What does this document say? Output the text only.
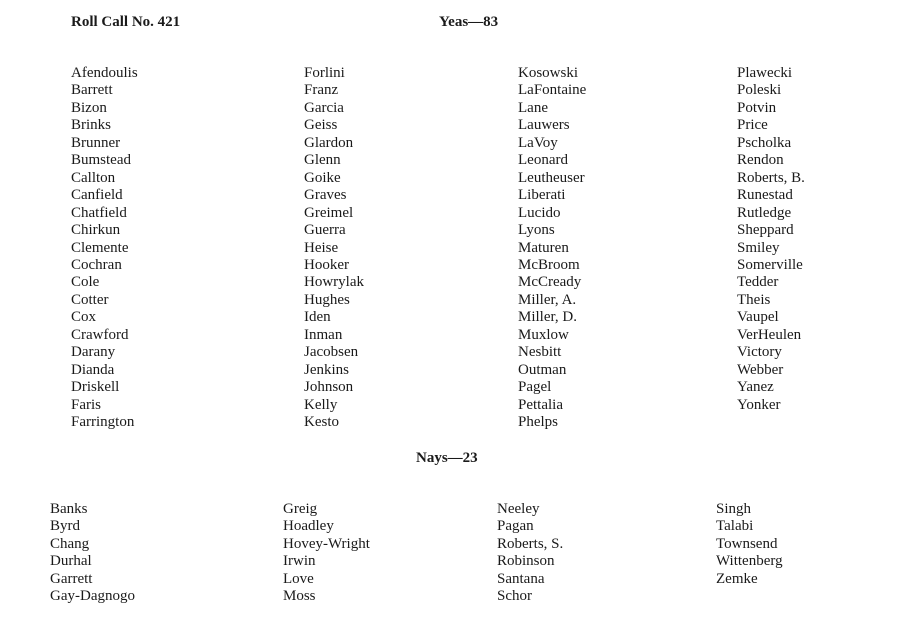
Roll Call No. 421	Yeas—83
Afendoulis
Barrett
Bizon
Brinks
Brunner
Bumstead
Callton
Canfield
Chatfield
Chirkun
Clemente
Cochran
Cole
Cotter
Cox
Crawford
Darany
Dianda
Driskell
Faris
Farrington
Forlini
Franz
Garcia
Geiss
Glardon
Glenn
Goike
Graves
Greimel
Guerra
Heise
Hooker
Howrylak
Hughes
Iden
Inman
Jacobsen
Jenkins
Johnson
Kelly
Kesto
Kosowski
LaFontaine
Lane
Lauwers
LaVoy
Leonard
Leutheuser
Liberati
Lucido
Lyons
Maturen
McBroom
McCready
Miller, A.
Miller, D.
Muxlow
Nesbitt
Outman
Pagel
Pettalia
Phelps
Plawecki
Poleski
Potvin
Price
Pscholka
Rendon
Roberts, B.
Runestad
Rutledge
Sheppard
Smiley
Somerville
Tedder
Theis
Vaupel
VerHeulen
Victory
Webber
Yanez
Yonker
Nays—23
Banks
Byrd
Chang
Durhal
Garrett
Gay-Dagnogo
Greig
Hoadley
Hovey-Wright
Irwin
Love
Moss
Neeley
Pagan
Roberts, S.
Robinson
Santana
Schor
Singh
Talabi
Townsend
Wittenberg
Zemke
